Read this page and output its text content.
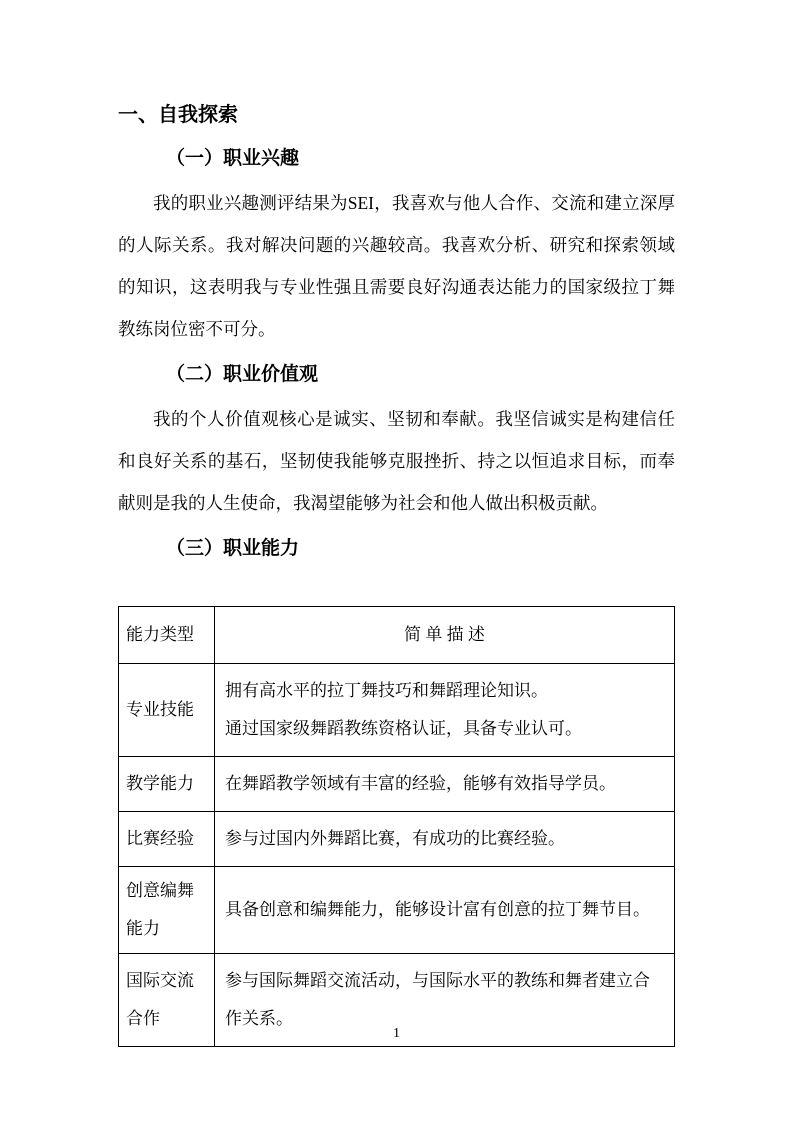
一、自我探索
（一）职业兴趣

我的职业兴趣测评结果为SEI，我喜欢与他人合作、交流和建立深厚的人际关系。我对解决问题的兴趣较高。我喜欢分析、研究和探索领域的知识，这表明我与专业性强且需要良好沟通表达能力的国家级拉丁舞教练岗位密不可分。

（二）职业价值观

我的个人价值观核心是诚实、坚韧和奉献。我坚信诚实是构建信任和良好关系的基石，坚韧使我能够克服挫折、持之以恒追求目标，而奉献则是我的人生使命，我渴望能够为社会和他人做出积极贡献。

（三）职业能力
能力类型	简 单 描 述
专业技能	拥有高水平的拉丁舞技巧和舞蹈理论知识。
通过国家级舞蹈教练资格认证，具备专业认可。
教学能力	在舞蹈教学领域有丰富的经验，能够有效指导学员。
比赛经验	参与过国内外舞蹈比赛，有成功的比赛经验。
创意编舞
能力	具备创意和编舞能力，能够设计富有创意的拉丁舞节目。
国际交流
合作	参与国际舞蹈交流活动，与国际水平的教练和舞者建立合作关系。
1
